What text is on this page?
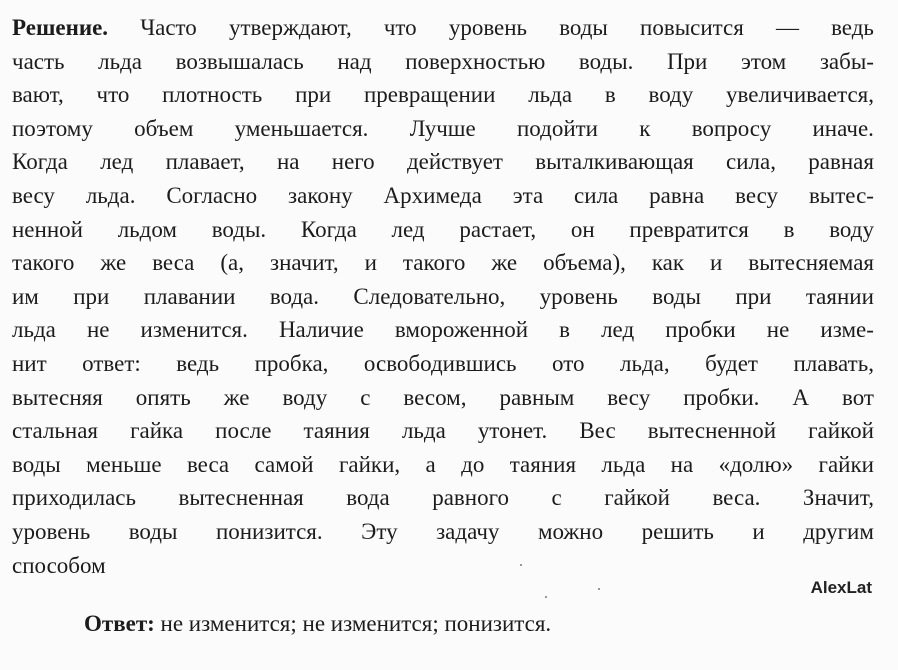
Решение. Часто утверждают, что уровень воды повысится — ведь
часть льда возвышалась над поверхностью воды. При этом забы-
вают, что плотность при превращении льда в воду увеличивается,
поэтому объем уменьшается. Лучше подойти к вопросу иначе.
Когда лед плавает, на него действует выталкивающая сила, равная
весу льда. Согласно закону Архимеда эта сила равна весу вытес-
ненной льдом воды. Когда лед растает, он превратится в воду
такого же веса (а, значит, и такого же объема), как и вытесняемая
им при плавании вода. Следовательно, уровень воды при таянии
льда не изменится. Наличие вмороженной в лед пробки не изме-
нит ответ: ведь пробка, освободившись ото льда, будет плавать,
вытесняя опять же воду с весом, равным весу пробки. А вот
стальная гайка после таяния льда утонет. Вес вытесненной гайкой
воды меньше веса самой гайки, а до таяния льда на «долю» гайки
приходилась вытесненная вода равного с гайкой веса. Значит,
уровень воды понизится. Эту задачу можно решить и другим
способом
AlexLat
Ответ: не изменится; не изменится; понизится.
